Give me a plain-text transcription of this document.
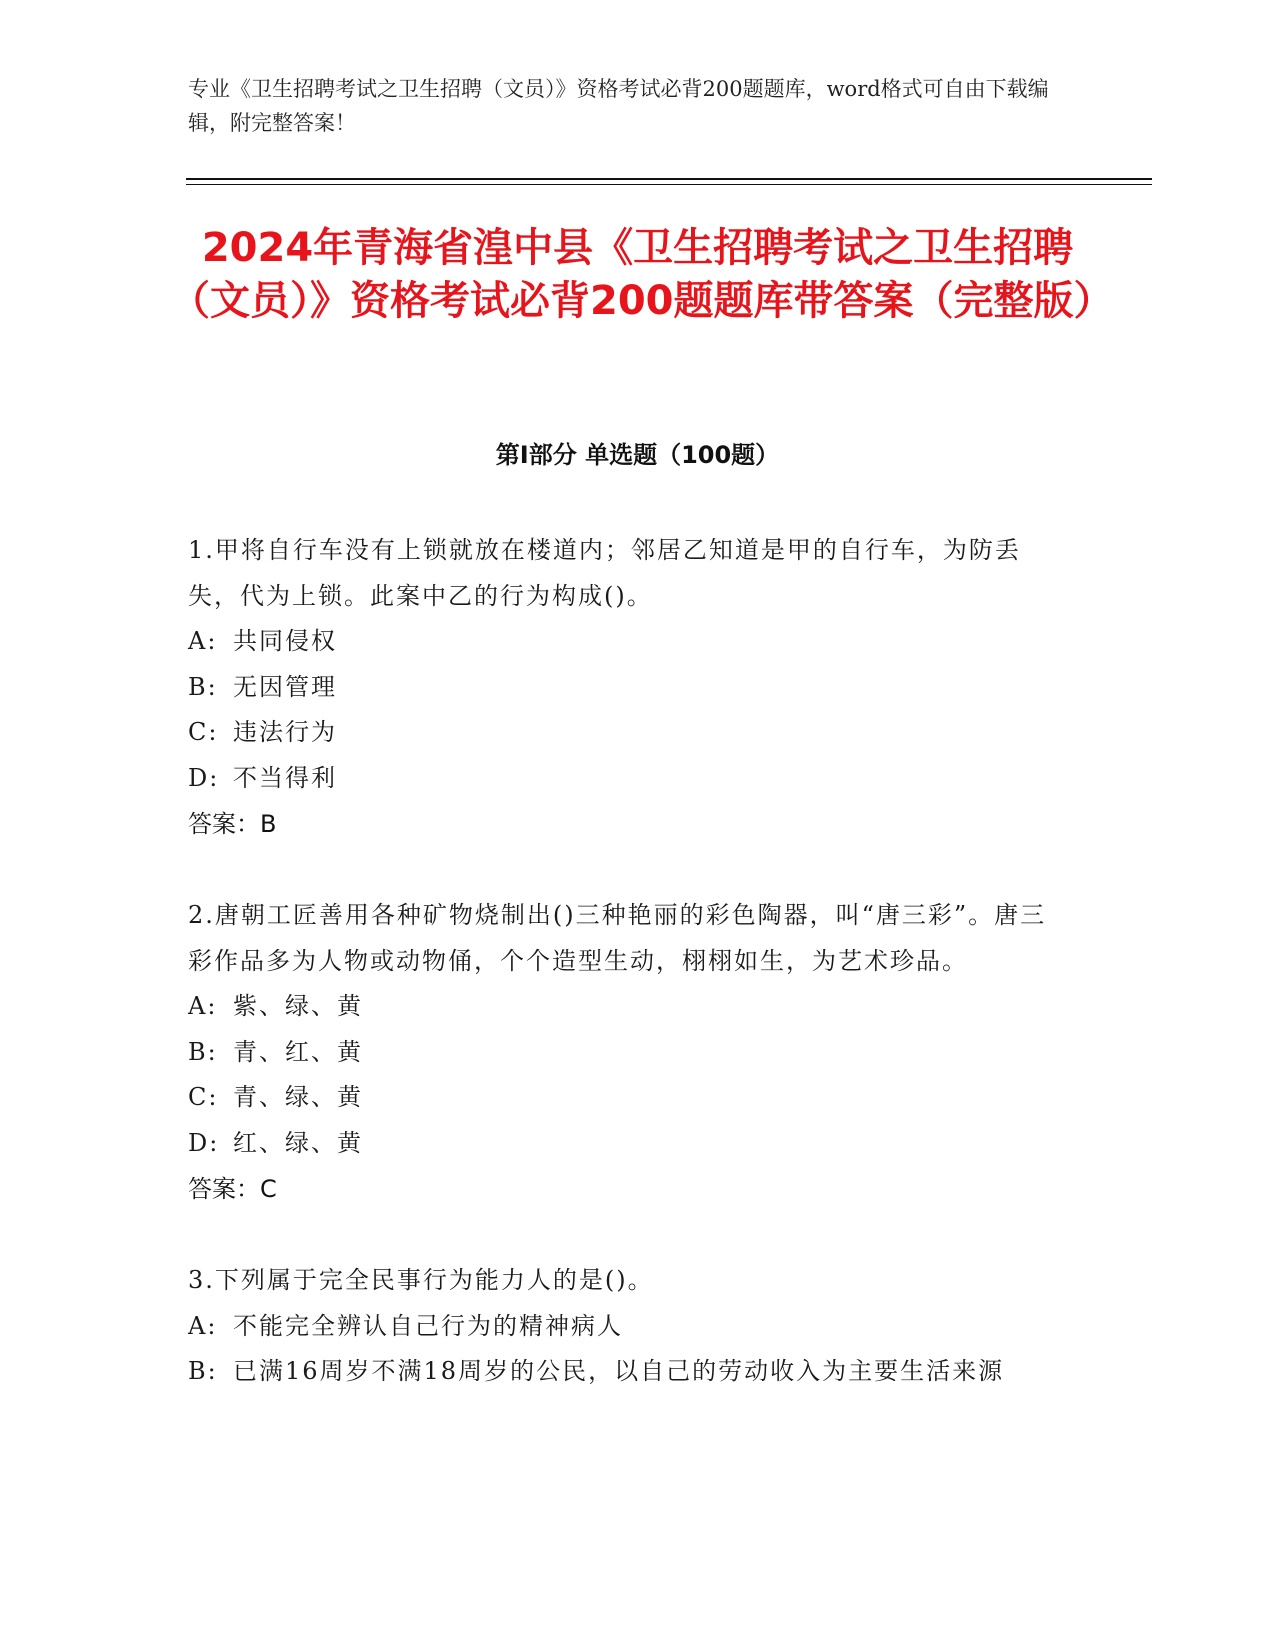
专业《卫生招聘考试之卫生招聘（文员）》资格考试必背200题题库，word格式可自由下载编辑，附完整答案！
2024年青海省湟中县《卫生招聘考试之卫生招聘（文员）》资格考试必背200题题库带答案（完整版）
第Ⅰ部分 单选题（100题）
1.甲将自行车没有上锁就放在楼道内；邻居乙知道是甲的自行车，为防丢失，代为上锁。此案中乙的行为构成()。
A: 共同侵权
B: 无因管理
C: 违法行为
D: 不当得利
答案：B
2.唐朝工匠善用各种矿物烧制出()三种艳丽的彩色陶器，叫“唐三彩”。唐三彩作品多为人物或动物俑，个个造型生动，栩栩如生，为艺术珍品。
A: 紫、绿、黄
B: 青、红、黄
C: 青、绿、黄
D: 红、绿、黄
答案：C
3.下列属于完全民事行为能力人的是()。
A: 不能完全辨认自己行为的精神病人
B: 已满16周岁不满18周岁的公民，以自己的劳动收入为主要生活来源
